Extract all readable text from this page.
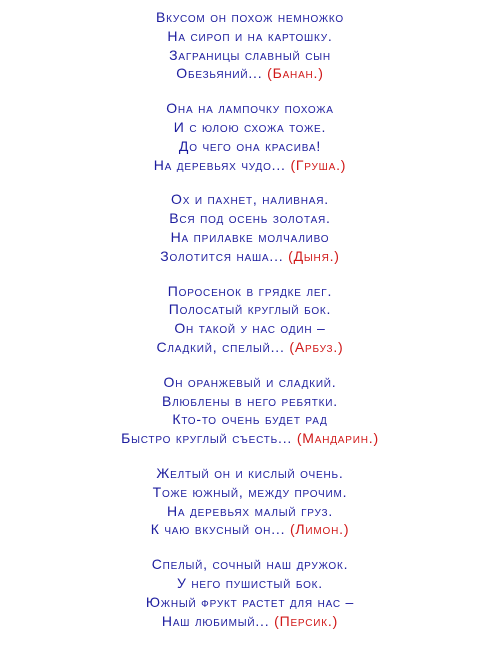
Вкусом он похож немножко
На сироп и на картошку.
Заграницы славный сын
Обезьяний... (Банан.)
Она на лампочку похожа
И с юлою схожа тоже.
До чего она красива!
На деревьях чудо... (Груша.)
Ох и пахнет, наливная.
Вся под осень золотая.
На прилавке молчаливо
Золотится наша... (Дыня.)
Поросенок в грядке лег.
Полосатый круглый бок.
Он такой у нас один –
Сладкий, спелый... (Арбуз.)
Он оранжевый и сладкий.
Влюблены в него ребятки.
Кто-то очень будет рад
Быстро круглый съесть... (Мандарин.)
Желтый он и кислый очень.
Тоже южный, между прочим.
На деревьях малый груз.
К чаю вкусный он... (Лимон.)
Спелый, сочный наш дружок.
У него пушистый бок.
Южный фрукт растет для нас –
Наш любимый... (Персик.)
